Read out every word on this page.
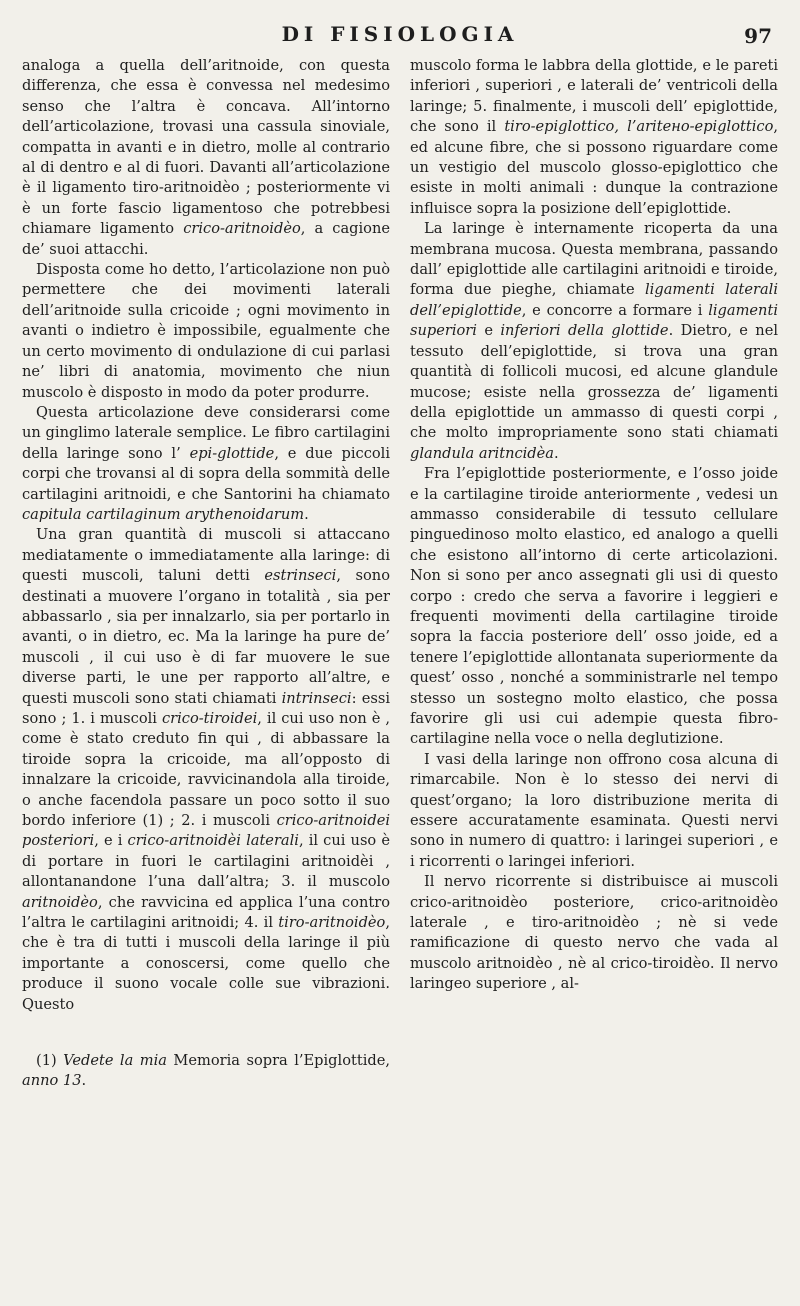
DI FISIOLOGIA	97

analoga a quella dell’aritnoide, con questa differenza, che essa è convessa nel medesimo senso che l’altra è concava. All’intorno dell’articolazione, trovasi una cassula sinoviale, compatta in avanti e in dietro, molle al contrario al di dentro e al di fuori. Davanti all’articolazione è il ligamento tiro-aritnoidèo ; posteriormente vi è un forte fascio ligamentoso che potrebbesi chiamare ligamento crico-aritnoidèo, a cagione de’ suoi attacchi.

Disposta come ho detto, l’articolazione non può permettere che dei movimenti laterali dell’aritnoide sulla cricoide ; ogni movimento in avanti o indietro è impossibile, egualmente che un certo movimento di ondulazione di cui parlasi ne’ libri di anatomia, movimento che niun muscolo è disposto in modo da poter produrre.

Questa articolazione deve considerarsi come un ginglimo laterale semplice. Le fibro cartilagini della laringe sono l’ epi-glottide, e due piccoli corpi che trovansi al di sopra della sommità delle cartilagini aritnoidi, e che Santorini ha chiamato capitula cartilaginum arythenoidarum.

Una gran quantità di muscoli si attaccano mediatamente o immediatamente alla laringe: di questi muscoli, taluni detti estrinseci, sono destinati a muovere l’organo in totalità , sia per abbassarlo , sia per innalzarlo, sia per portarlo in avanti, o in dietro, ec. Ma la laringe ha pure de’ muscoli , il cui uso è di far muovere le sue diverse parti, le une per rapporto all’altre, e questi muscoli sono stati chiamati intrinseci: essi sono ; 1. i muscoli crico-tiroidei, il cui uso non è , come è stato creduto fin qui , di abbassare la tiroide sopra la cricoide, ma all’opposto di innalzare la cricoide, ravvicinandola alla tiroide, o anche facendola passare un poco sotto il suo bordo inferiore (1) ; 2. i muscoli crico-aritnoidei posteriori, e i crico-aritnoidèi laterali, il cui uso è di portare in fuori le cartilagini aritnoidèi , allontanandone l’una dall’altra; 3. il muscolo aritnoidèo, che ravvicina ed applica l’una contro l’altra le cartilagini aritnoidi; 4. il tiro-aritnoidèo, che è tra di tutti i muscoli della laringe il più importante a conoscersi, come quello che produce il suono vocale colle sue vibrazioni. Questo

(1) Vedete la mia Memoria sopra l’Epiglottide, anno 13.

muscolo forma le labbra della glottide, e le pareti inferiori , superiori , e laterali de’ ventricoli della laringe; 5. finalmente, i muscoli dell’ epiglottide, che sono il tiro-epiglottico, l’aritено-epiglottico, ed alcune fibre, che si possono riguardare come un vestigio del muscolo glosso-epiglottico che esiste in molti animali : dunque la contrazione influisce sopra la posizione dell’epiglottide.

La laringe è internamente ricoperta da una membrana mucosa. Questa membrana, passando dall’ epiglottide alle cartilagini aritnoidi e tiroide, forma due pieghe, chiamate ligamenti laterali dell’epiglottide, e concorre a formare i ligamenti superiori e inferiori della glottide. Dietro, e nel tessuto dell’epiglottide, si trova una gran quantità di follicoli mucosi, ed alcune glandule mucose; esiste nella grossezza de’ ligamenti della epiglottide un ammasso di questi corpi , che molto impropriamente sono stati chiamati glandula aritncidèa.

Fra l’epiglottide posteriormente, e l’osso joide e la cartilagine tiroide anteriormente , vedesi un ammasso considerabile di tessuto cellulare pinguedinoso molto elastico, ed analogo a quelli che esistono all’intorno di certe articolazioni. Non si sono per anco assegnati gli usi di questo corpo : credo che serva a favorire i leggieri e frequenti movimenti della cartilagine tiroide sopra la faccia posteriore dell’ osso joide, ed a tenere l’epiglottide allontanata superiormente da quest’ osso , nonché a somministrarle nel tempo stesso un sostegno molto elastico, che possa favorire gli usi cui adempie questa fibro-cartilagine nella voce o nella deglutizione.

I vasi della laringe non offrono cosa alcuna di rimarcabile. Non è lo stesso dei nervi di quest’organo; la loro distribuzione merita di essere accuratamente esaminata. Questi nervi sono in numero di quattro: i laringei superiori , e i ricorrenti o laringei inferiori.

Il nervo ricorrente si distribuisce ai muscoli crico-aritnoidèo posteriore, crico-aritnoidèo laterale , e tiro-aritnoidèo ; nè si vede ramificazione di questo nervo che vada al muscolo aritnoidèo , nè al crico-tiroidèo. Il nervo laringeo superiore , al-
